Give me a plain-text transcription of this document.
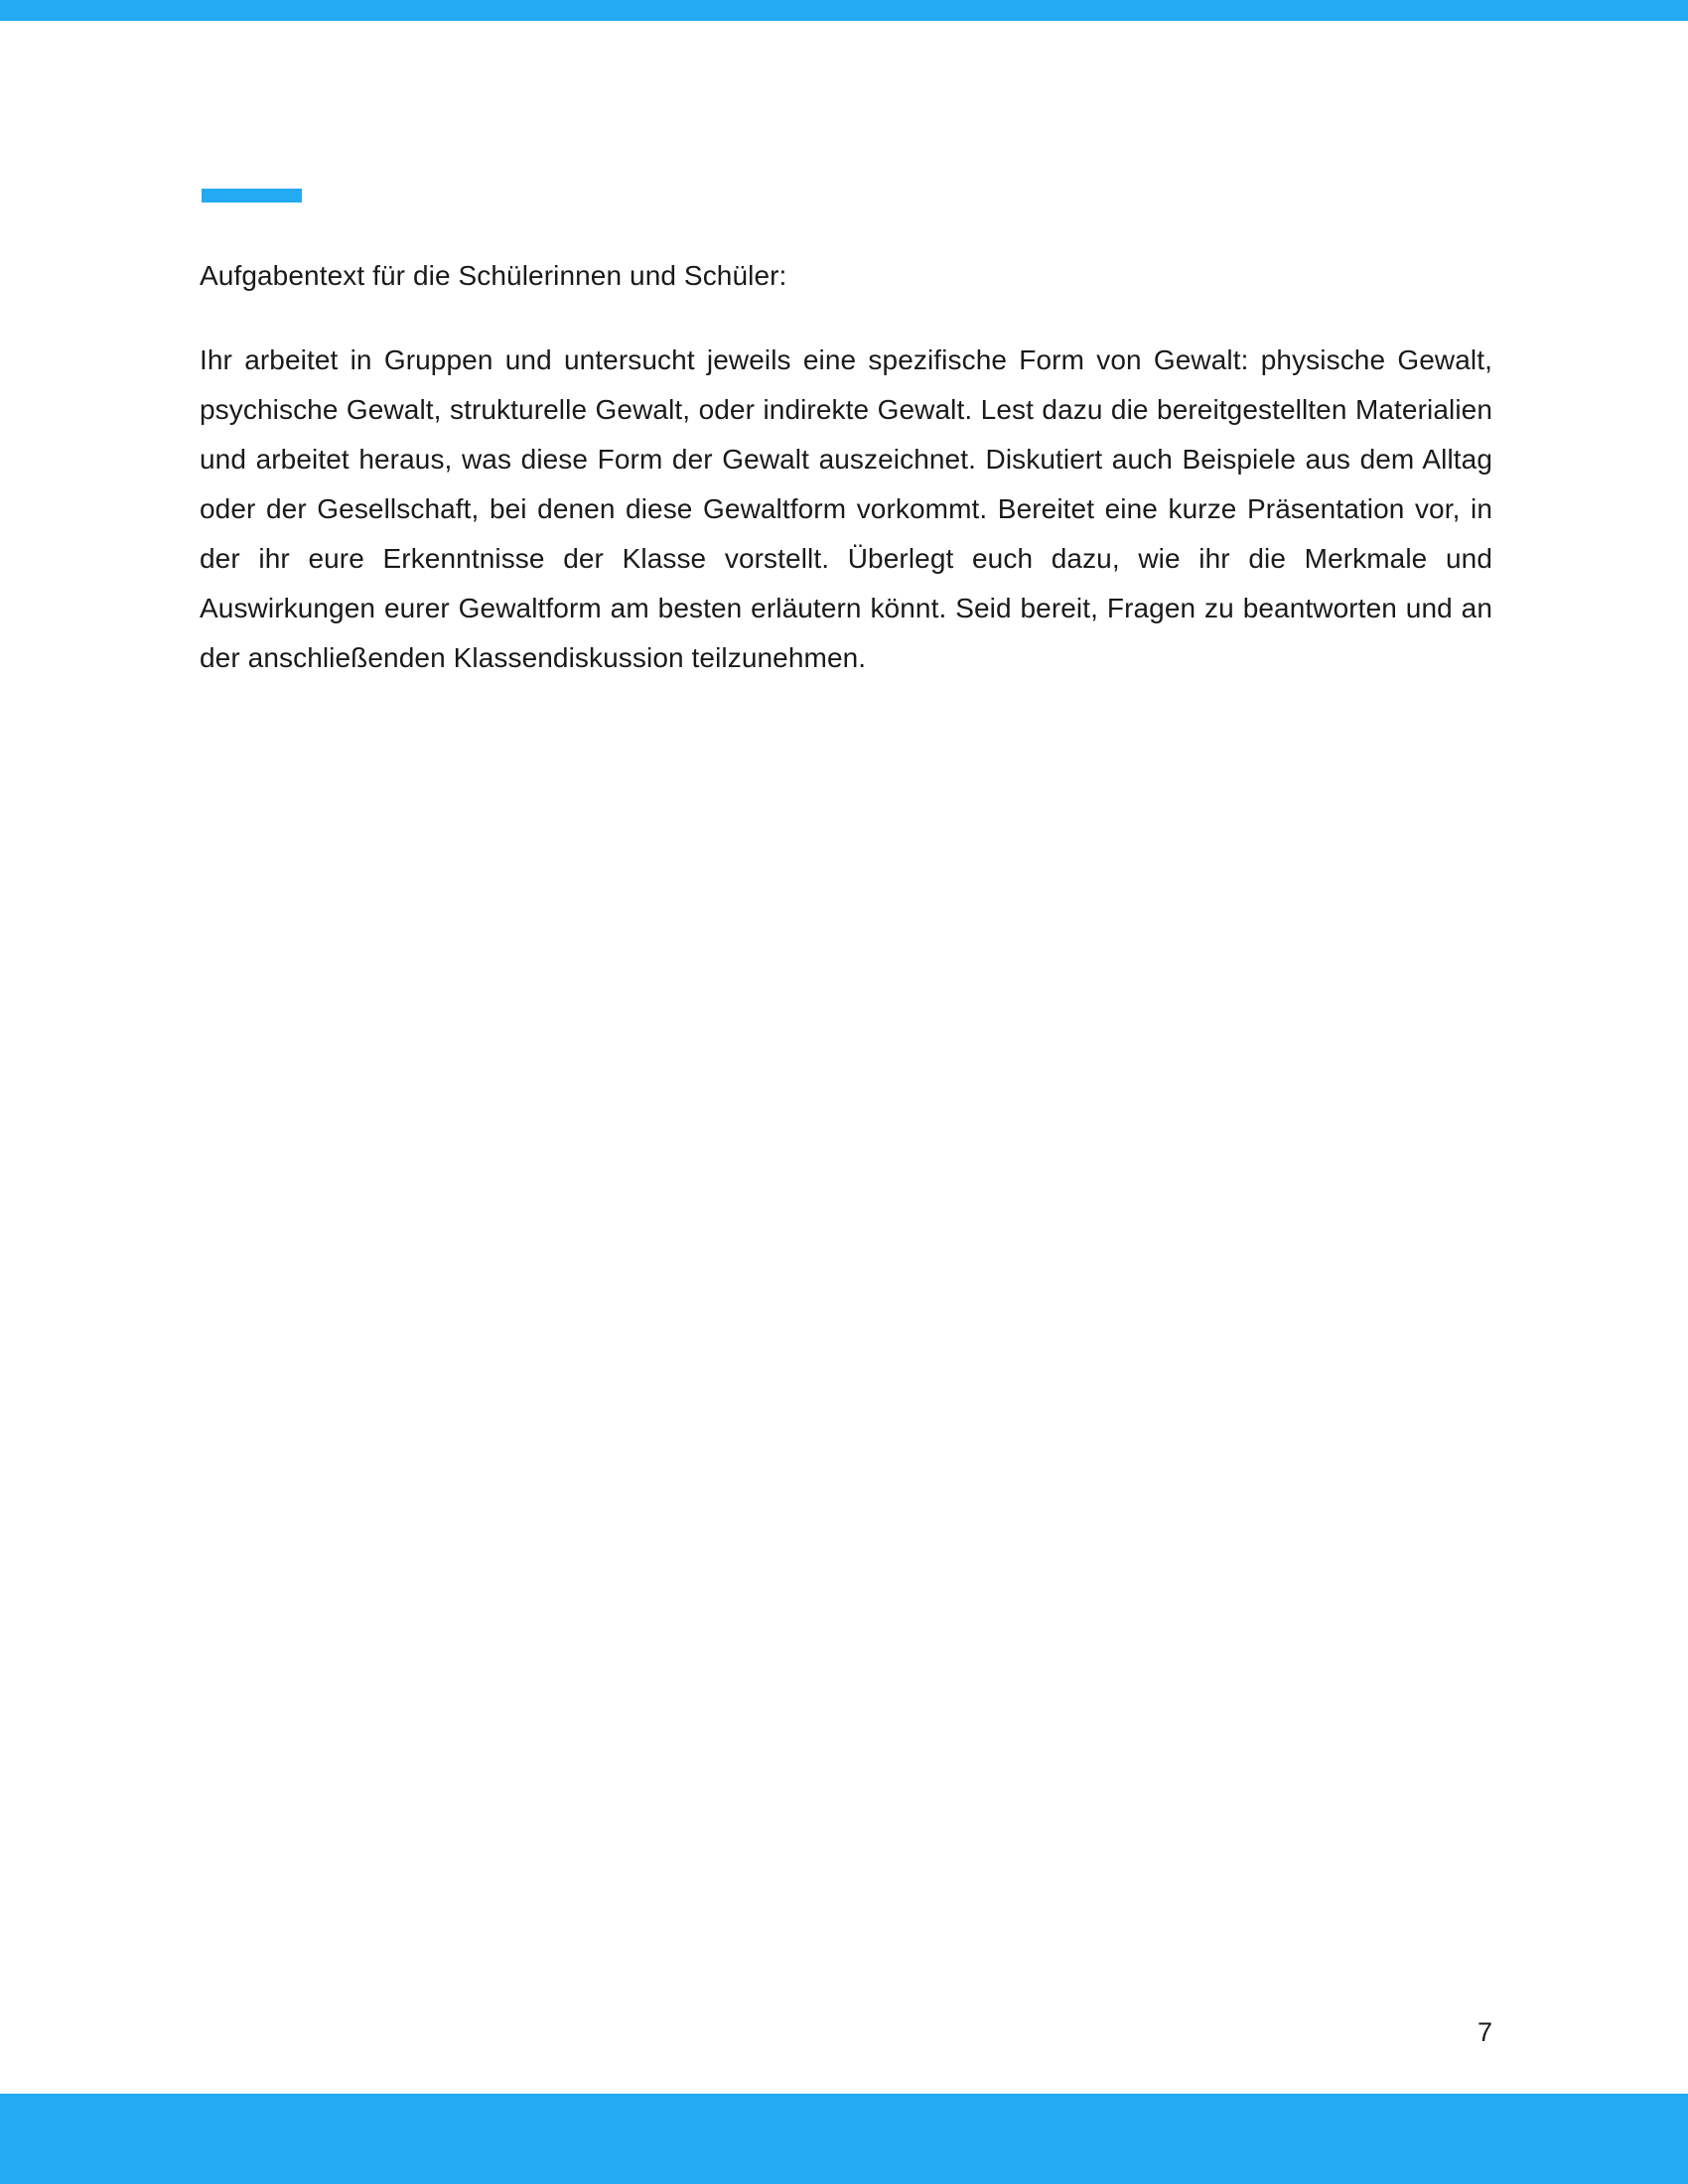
Aufgabentext für die Schülerinnen und Schüler:

Ihr arbeitet in Gruppen und untersucht jeweils eine spezifische Form von Gewalt: physische Gewalt, psychische Gewalt, strukturelle Gewalt, oder indirekte Gewalt. Lest dazu die bereitgestellten Materialien und arbeitet heraus, was diese Form der Gewalt auszeichnet. Diskutiert auch Beispiele aus dem Alltag oder der Gesellschaft, bei denen diese Gewaltform vorkommt. Bereitet eine kurze Präsentation vor, in der ihr eure Erkenntnisse der Klasse vorstellt. Überlegt euch dazu, wie ihr die Merkmale und Auswirkungen eurer Gewaltform am besten erläutern könnt. Seid bereit, Fragen zu beantworten und an der anschließenden Klassendiskussion teilzunehmen.

7
